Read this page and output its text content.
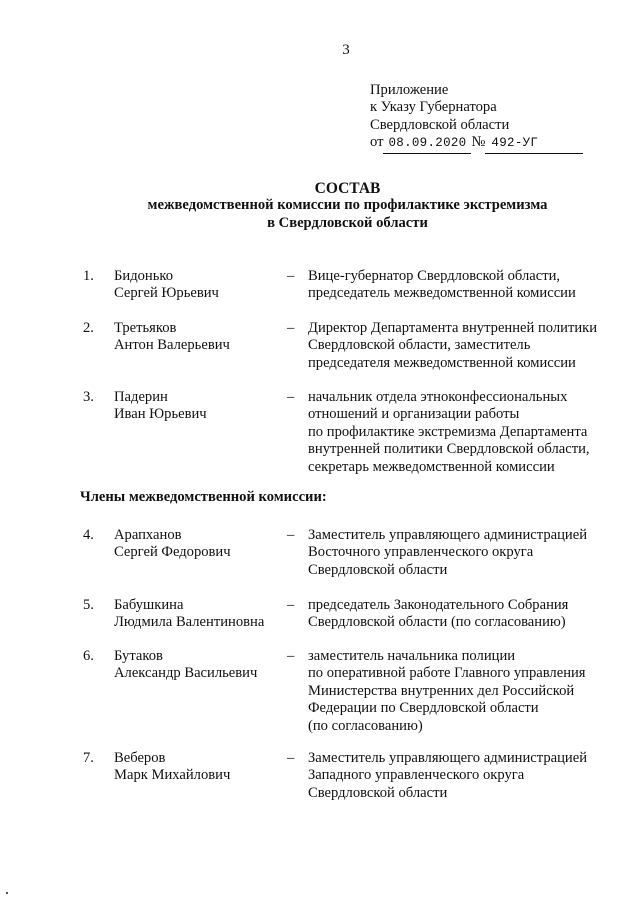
3
Приложение
к Указу Губернатора
Свердловской области
от 08.09.2020 № 492-УГ
СОСТАВ
межведомственной комиссии по профилактике экстремизма
в Свердловской области
1. Бидонько
Сергей Юрьевич
– Вице-губернатор Свердловской области,
председатель межведомственной комиссии
2. Третьяков
Антон Валерьевич
– Директор Департамента внутренней политики
Свердловской области, заместитель
председателя межведомственной комиссии
3. Падерин
Иван Юрьевич
– начальник отдела этноконфессиональных
отношений и организации работы
по профилактике экстремизма Департамента
внутренней политики Свердловской области,
секретарь межведомственной комиссии
4. Арапханов
Сергей Федорович
– Заместитель управляющего администрацией
Восточного управленческого округа
Свердловской области
5. Бабушкина
Людмила Валентиновна
– председатель Законодательного Собрания
Свердловской области (по согласованию)
6. Бутаков
Александр Васильевич
– заместитель начальника полиции
по оперативной работе Главного управления
Министерства внутренних дел Российской
Федерации по Свердловской области
(по согласованию)
7. Веберов
Марк Михайлович
– Заместитель управляющего администрацией
Западного управленческого округа
Свердловской области
Члены межведомственной комиссии:
